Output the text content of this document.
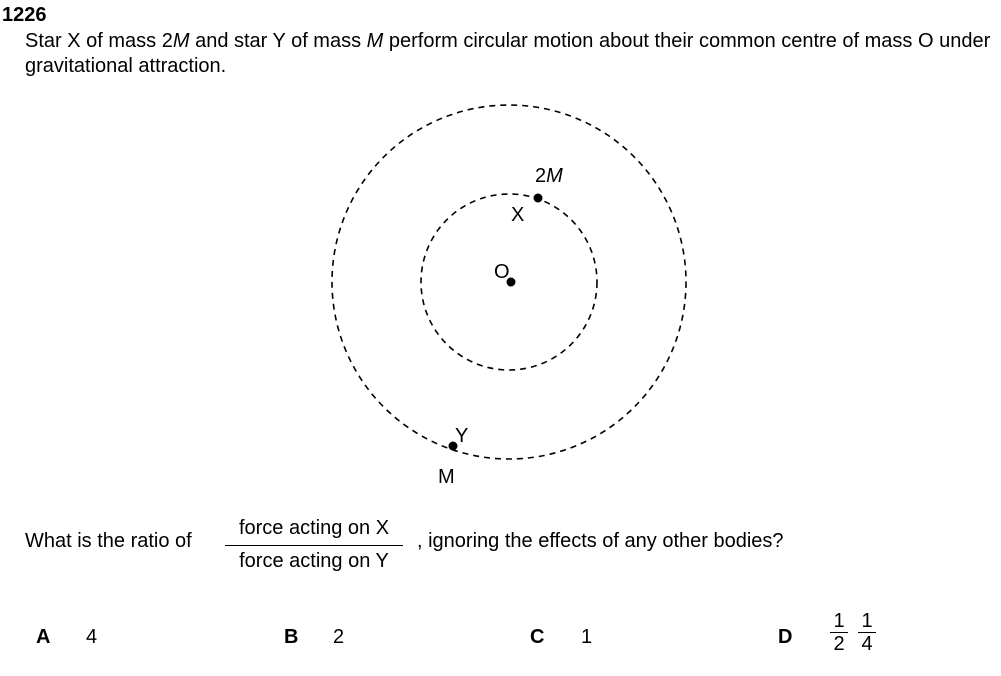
1226
Star X of mass 2M and star Y of mass M perform circular motion about their common centre of mass O under gravitational attraction.
2M
X
O
Y
M
What is the ratio of
force acting on X
force acting on Y
, ignoring the effects of any other bodies?
A 4	B 2	C 1	D
1
2
1
4
